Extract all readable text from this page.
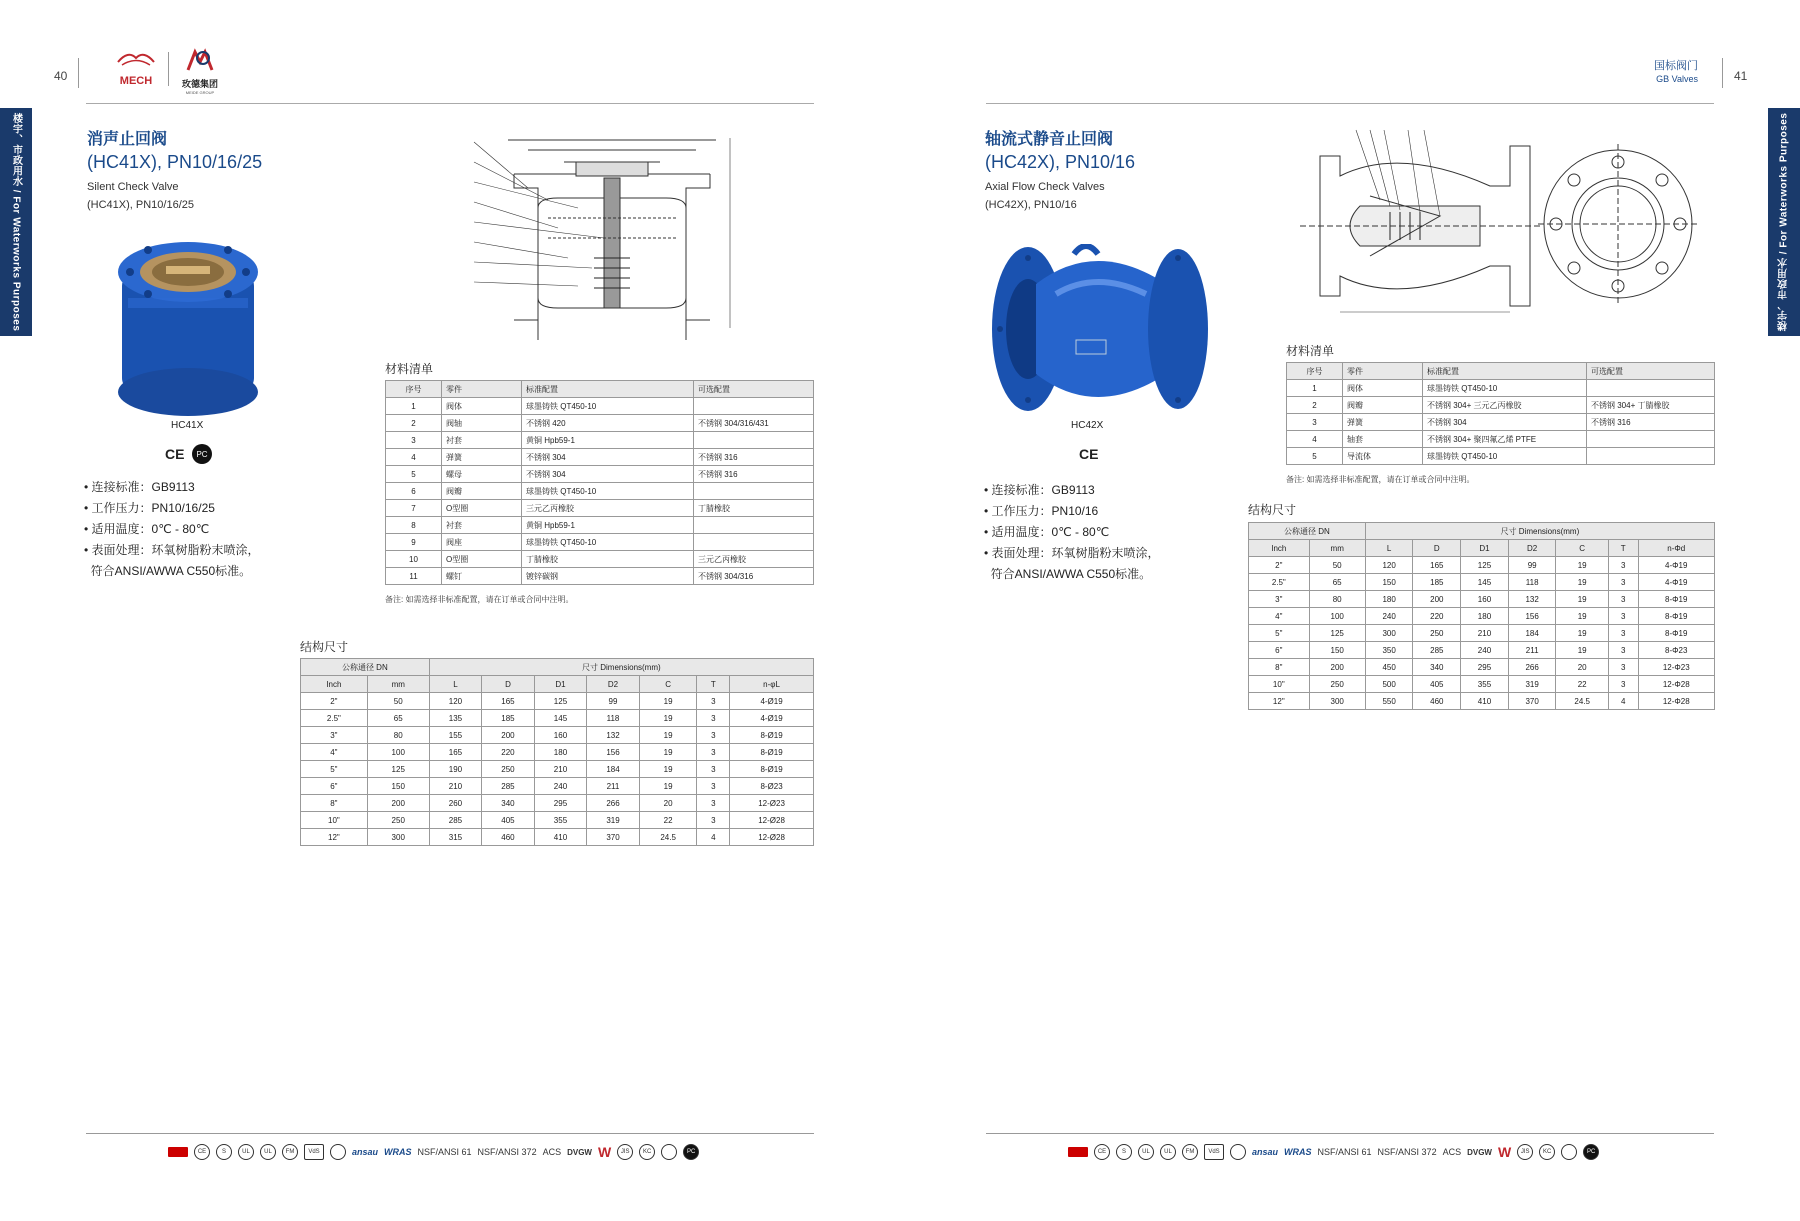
40	MECH	玫德集团
MEIDE GROUP
楼宇、市政用水 / For Waterworks Purposes	消声止回阀
(HC41X), PN10/16/25
Silent Check Valve
(HC41X), PN10/16/25
HC41X
CE	PC
• 连接标准：GB9113
• 工作压力：PN10/16/25
• 适用温度：0℃ - 80℃
• 表面处理：环氧树脂粉末喷涂，
符合ANSI/AWWA C550标准。
材料清单
序号	零件	标准配置	可选配置
1	阀体	球墨铸铁 QT450-10	
2	阀轴	不锈钢 420	不锈钢 304/316/431
3	衬套	黄铜 Hpb59-1	
4	弹簧	不锈钢 304	不锈钢 316
5	螺母	不锈钢 304	不锈钢 316
6	阀瓣	球墨铸铁 QT450-10	
7	O型圈	三元乙丙橡胶	丁腈橡胶
8	衬套	黄铜 Hpb59-1	
9	阀座	球墨铸铁 QT450-10	
10	O型圈	丁腈橡胶	三元乙丙橡胶
11	螺钉	镀锌碳钢	不锈钢 304/316
备注: 如需选择非标准配置，请在订单或合同中注明。
结构尺寸
公称通径 DN		尺寸 Dimensions(mm)						
Inch	mm	L	D	D1	D2	C	T	n-φL
2"	50	120	165	125	99	19	3	4-Ø19
2.5"	65	135	185	145	118	19	3	4-Ø19
3"	80	155	200	160	132	19	3	8-Ø19
4"	100	165	220	180	156	19	3	8-Ø19
5"	125	190	250	210	184	19	3	8-Ø19
6"	150	210	285	240	211	19	3	8-Ø23
8"	200	260	340	295	266	20	3	12-Ø23
10"	250	285	405	355	319	22	3	12-Ø28
12"	300	315	460	410	370	24.5	4	12-Ø28
CE	S	UL	UL	FM	VdS	ansau WRAS NSF/ANSI 61 NSF/ANSI 372 ACS DVGW W	JIS	KC	PC
国标阀门
GB Valves	41
楼宇、市政用水 / For Waterworks Purposes
轴流式静音止回阀
(HC42X), PN10/16
Axial Flow Check Valves
(HC42X), PN10/16
HC42X
CE
• 连接标准：GB9113
• 工作压力：PN10/16
• 适用温度：0℃ - 80℃
• 表面处理：环氧树脂粉末喷涂，
符合ANSI/AWWA C550标准。
材料清单
序号	零件	标准配置	可选配置
1	阀体	球墨铸铁 QT450-10	
2	阀瓣	不锈钢 304+ 三元乙丙橡胶	不锈钢 304+ 丁腈橡胶
3	弹簧	不锈钢 304	不锈钢 316
4	轴套	不锈钢 304+ 聚四氟乙烯 PTFE	
5	导流体	球墨铸铁 QT450-10	
备注: 如需选择非标准配置，请在订单或合同中注明。
结构尺寸
公称通径 DN		尺寸 Dimensions(mm)						
Inch	mm	L	D	D1	D2	C	T	n-Φd
2"	50	120	165	125	99	19	3	4-Φ19
2.5"	65	150	185	145	118	19	3	4-Φ19
3"	80	180	200	160	132	19	3	8-Φ19
4"	100	240	220	180	156	19	3	8-Φ19
5"	125	300	250	210	184	19	3	8-Φ19
6"	150	350	285	240	211	19	3	8-Φ23
8"	200	450	340	295	266	20	3	12-Φ23
10"	250	500	405	355	319	22	3	12-Φ28
12"	300	550	460	410	370	24.5	4	12-Φ28
CE	S	UL	UL	FM	VdS	ansau WRAS NSF/ANSI 61 NSF/ANSI 372 ACS DVGW W	JIS	KC	PC
